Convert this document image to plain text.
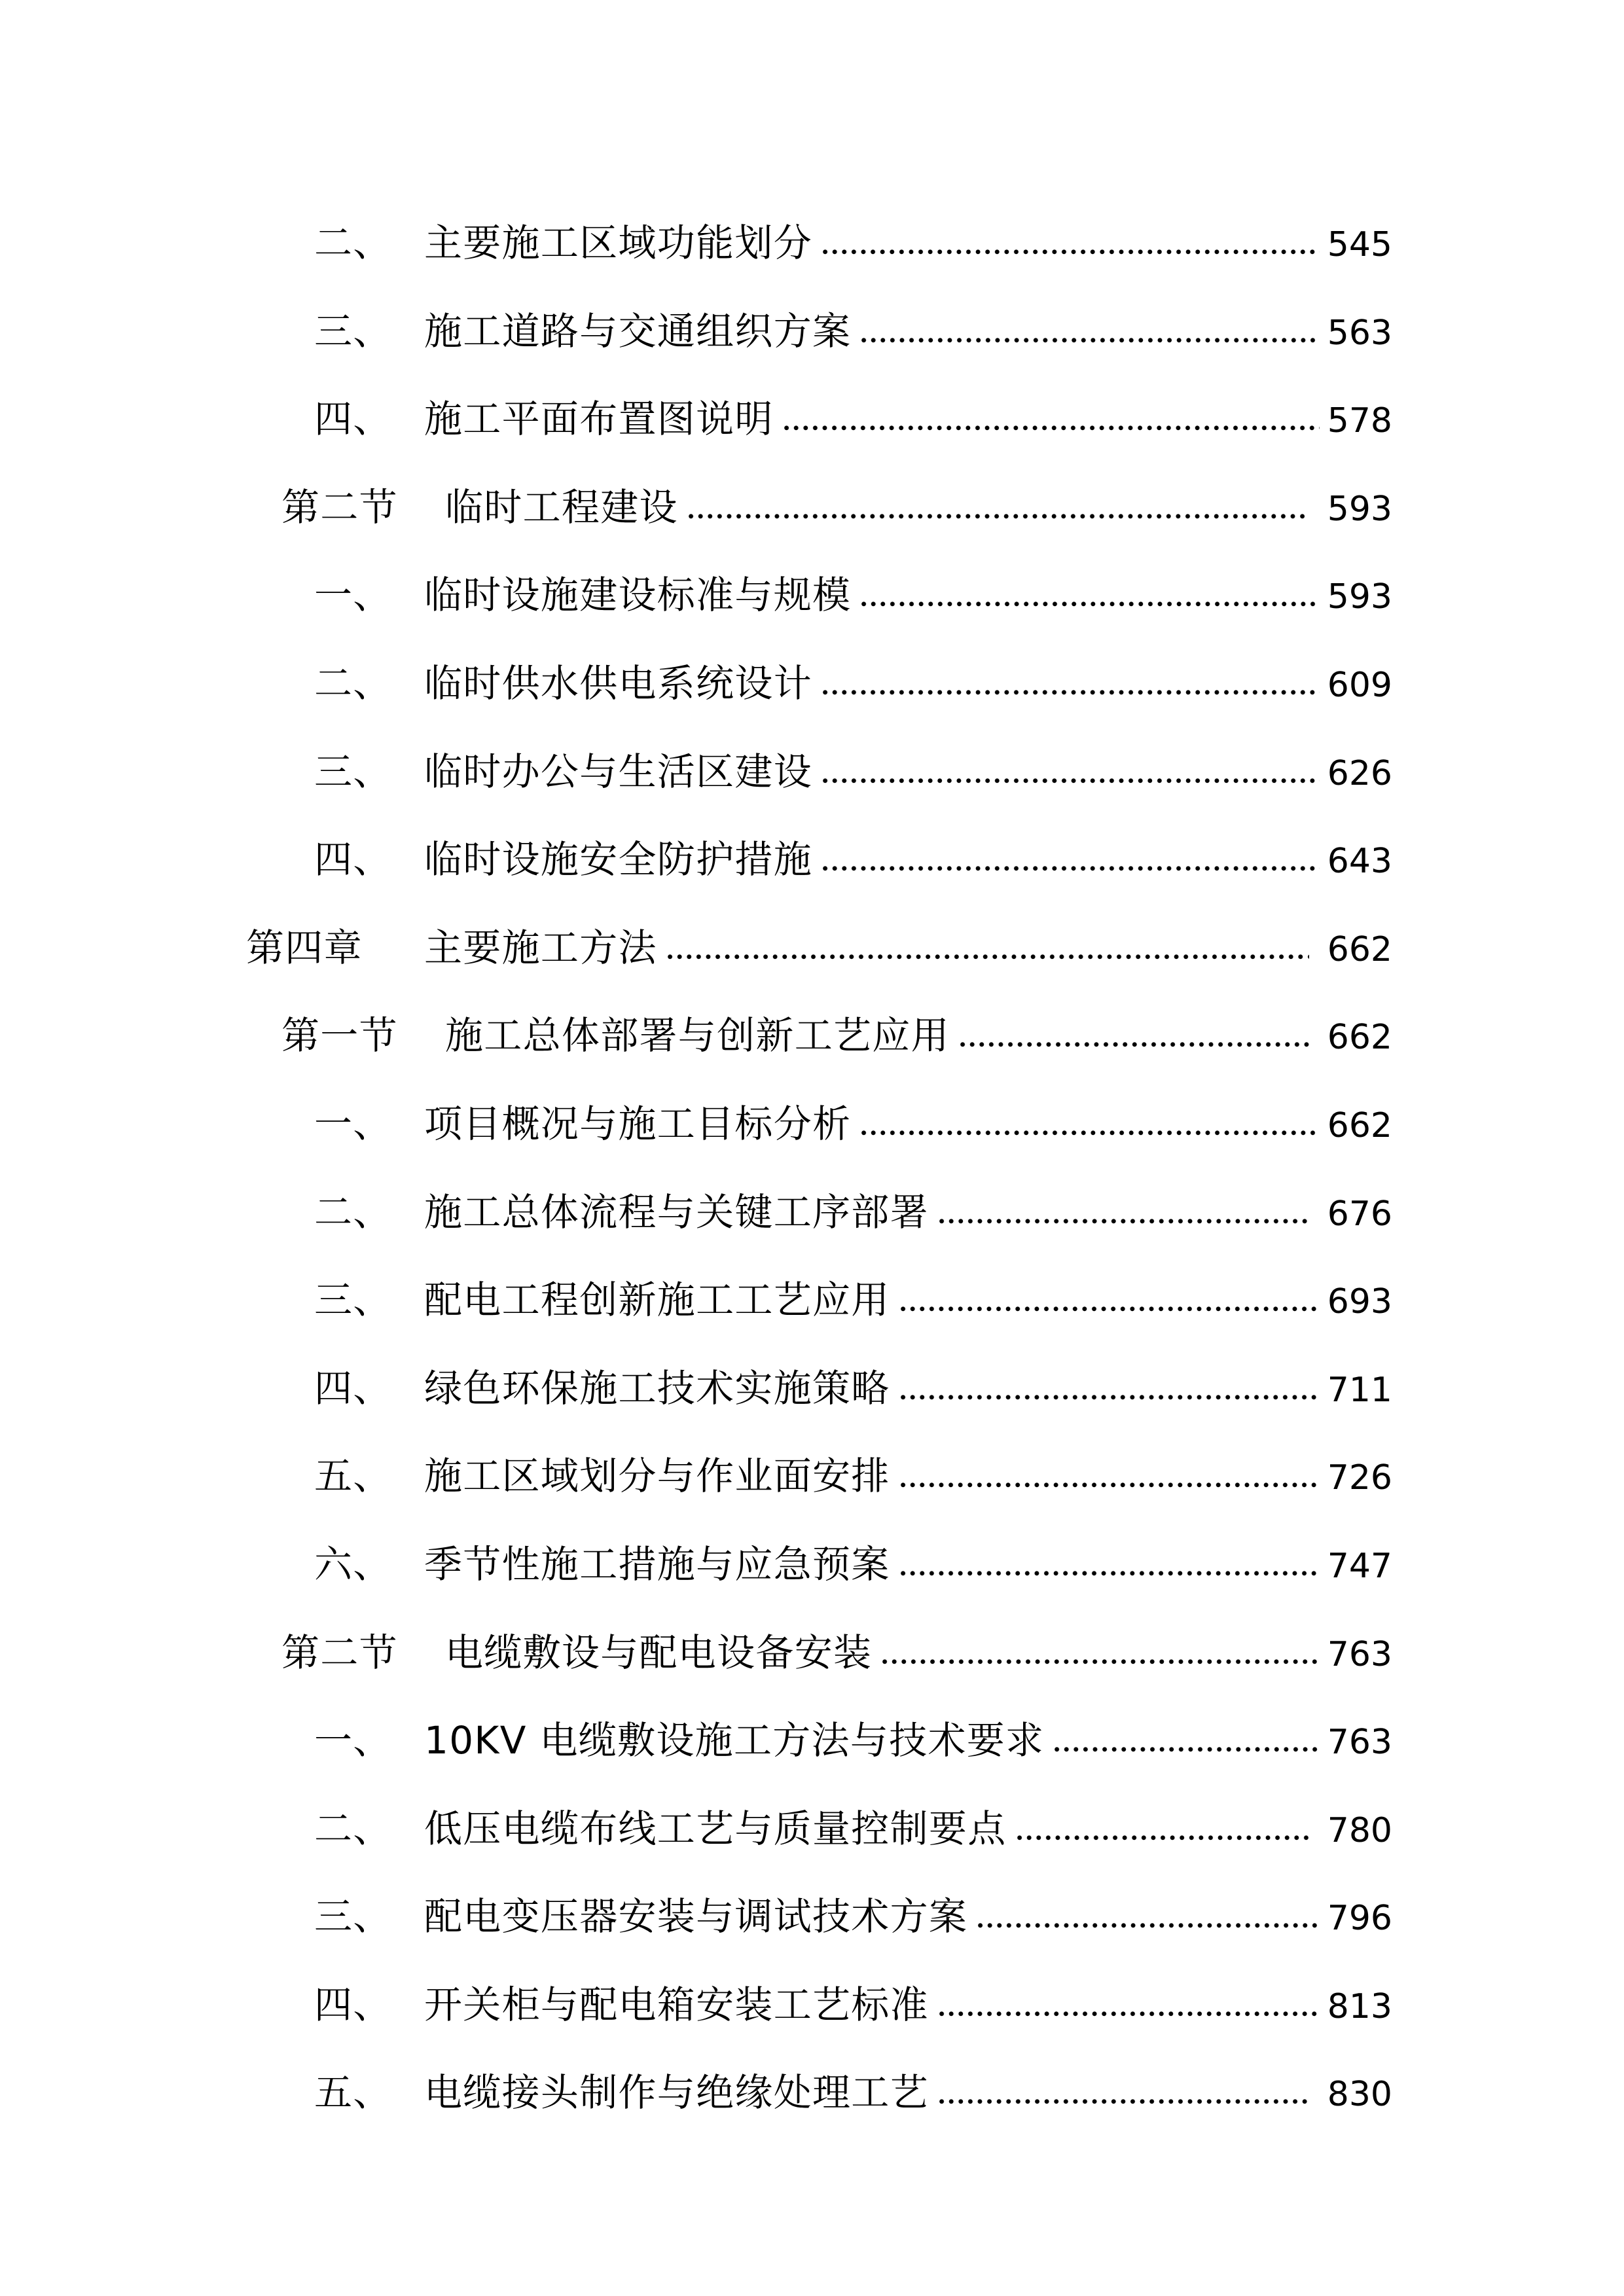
二、 主要施工区域功能划分	545
三、 施工道路与交通组织方案	563
四、 施工平面布置图说明	578
第二节	临时工程建设	593
一、 临时设施建设标准与规模	593
二、 临时供水供电系统设计	609
三、 临时办公与生活区建设	626
四、 临时设施安全防护措施	643
第四章	主要施工方法	662
第一节	施工总体部署与创新工艺应用	662
一、 项目概况与施工目标分析	662
二、 施工总体流程与关键工序部署	676
三、 配电工程创新施工工艺应用	693
四、 绿色环保施工技术实施策略	711
五、 施工区域划分与作业面安排	726
六、 季节性施工措施与应急预案	747
第二节	电缆敷设与配电设备安装	763
一、 10KV 电缆敷设施工方法与技术要求	763
二、 低压电缆布线工艺与质量控制要点	780
三、 配电变压器安装与调试技术方案	796
四、 开关柜与配电箱安装工艺标准	813
五、 电缆接头制作与绝缘处理工艺	830
